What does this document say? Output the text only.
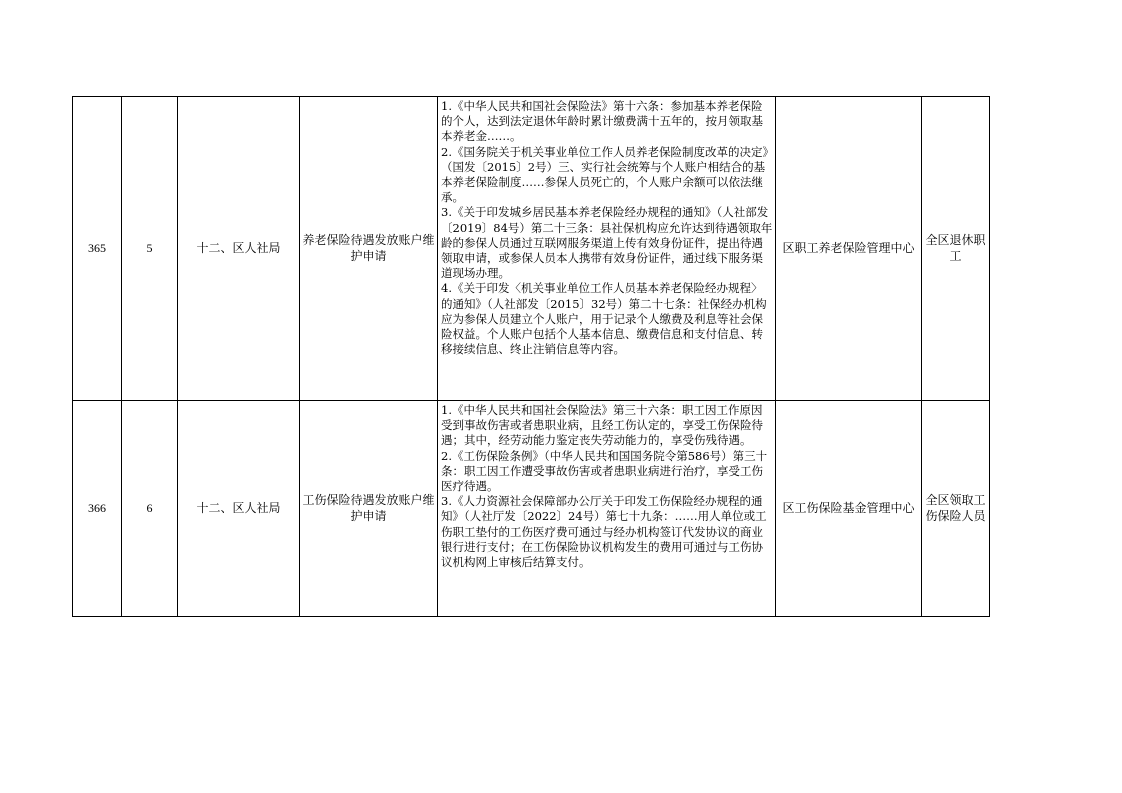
365	5	十二、区人社局	养老保险待遇发放账户维护申请	1.《中华人民共和国社会保险法》第十六条：参加基本养老保险的个人，达到法定退休年龄时累计缴费满十五年的，按月领取基本养老金……。

2.《国务院关于机关事业单位工作人员养老保险制度改革的决定》（国发〔2015〕2号）三、实行社会统筹与个人账户相结合的基本养老保险制度……参保人员死亡的，个人账户余额可以依法继承。

3.《关于印发城乡居民基本养老保险经办规程的通知》（人社部发〔2019〕84号）第二十三条：县社保机构应允许达到待遇领取年龄的参保人员通过互联网服务渠道上传有效身份证件，提出待遇领取申请，或参保人员本人携带有效身份证件，通过线下服务渠道现场办理。

4.《关于印发〈机关事业单位工作人员基本养老保险经办规程〉的通知》（人社部发〔2015〕32号）第二十七条：社保经办机构应为参保人员建立个人账户，用于记录个人缴费及利息等社会保险权益。个人账户包括个人基本信息、缴费信息和支付信息、转移接续信息、终止注销信息等内容。	区职工养老保险管理中心	全区退休职工
366	6	十二、区人社局	工伤保险待遇发放账户维护申请	1.《中华人民共和国社会保险法》第三十六条：职工因工作原因受到事故伤害或者患职业病，且经工伤认定的，享受工伤保险待遇；其中，经劳动能力鉴定丧失劳动能力的，享受伤残待遇。

2.《工伤保险条例》（中华人民共和国国务院令第586号）第三十条：职工因工作遭受事故伤害或者患职业病进行治疗，享受工伤医疗待遇。

3.《人力资源社会保障部办公厅关于印发工伤保险经办规程的通知》（人社厅发〔2022〕24号）第七十九条：……用人单位或工伤职工垫付的工伤医疗费可通过与经办机构签订代发协议的商业银行进行支付；在工伤保险协议机构发生的费用可通过与工伤协议机构网上审核后结算支付。	区工伤保险基金管理中心	全区领取工伤保险人员
